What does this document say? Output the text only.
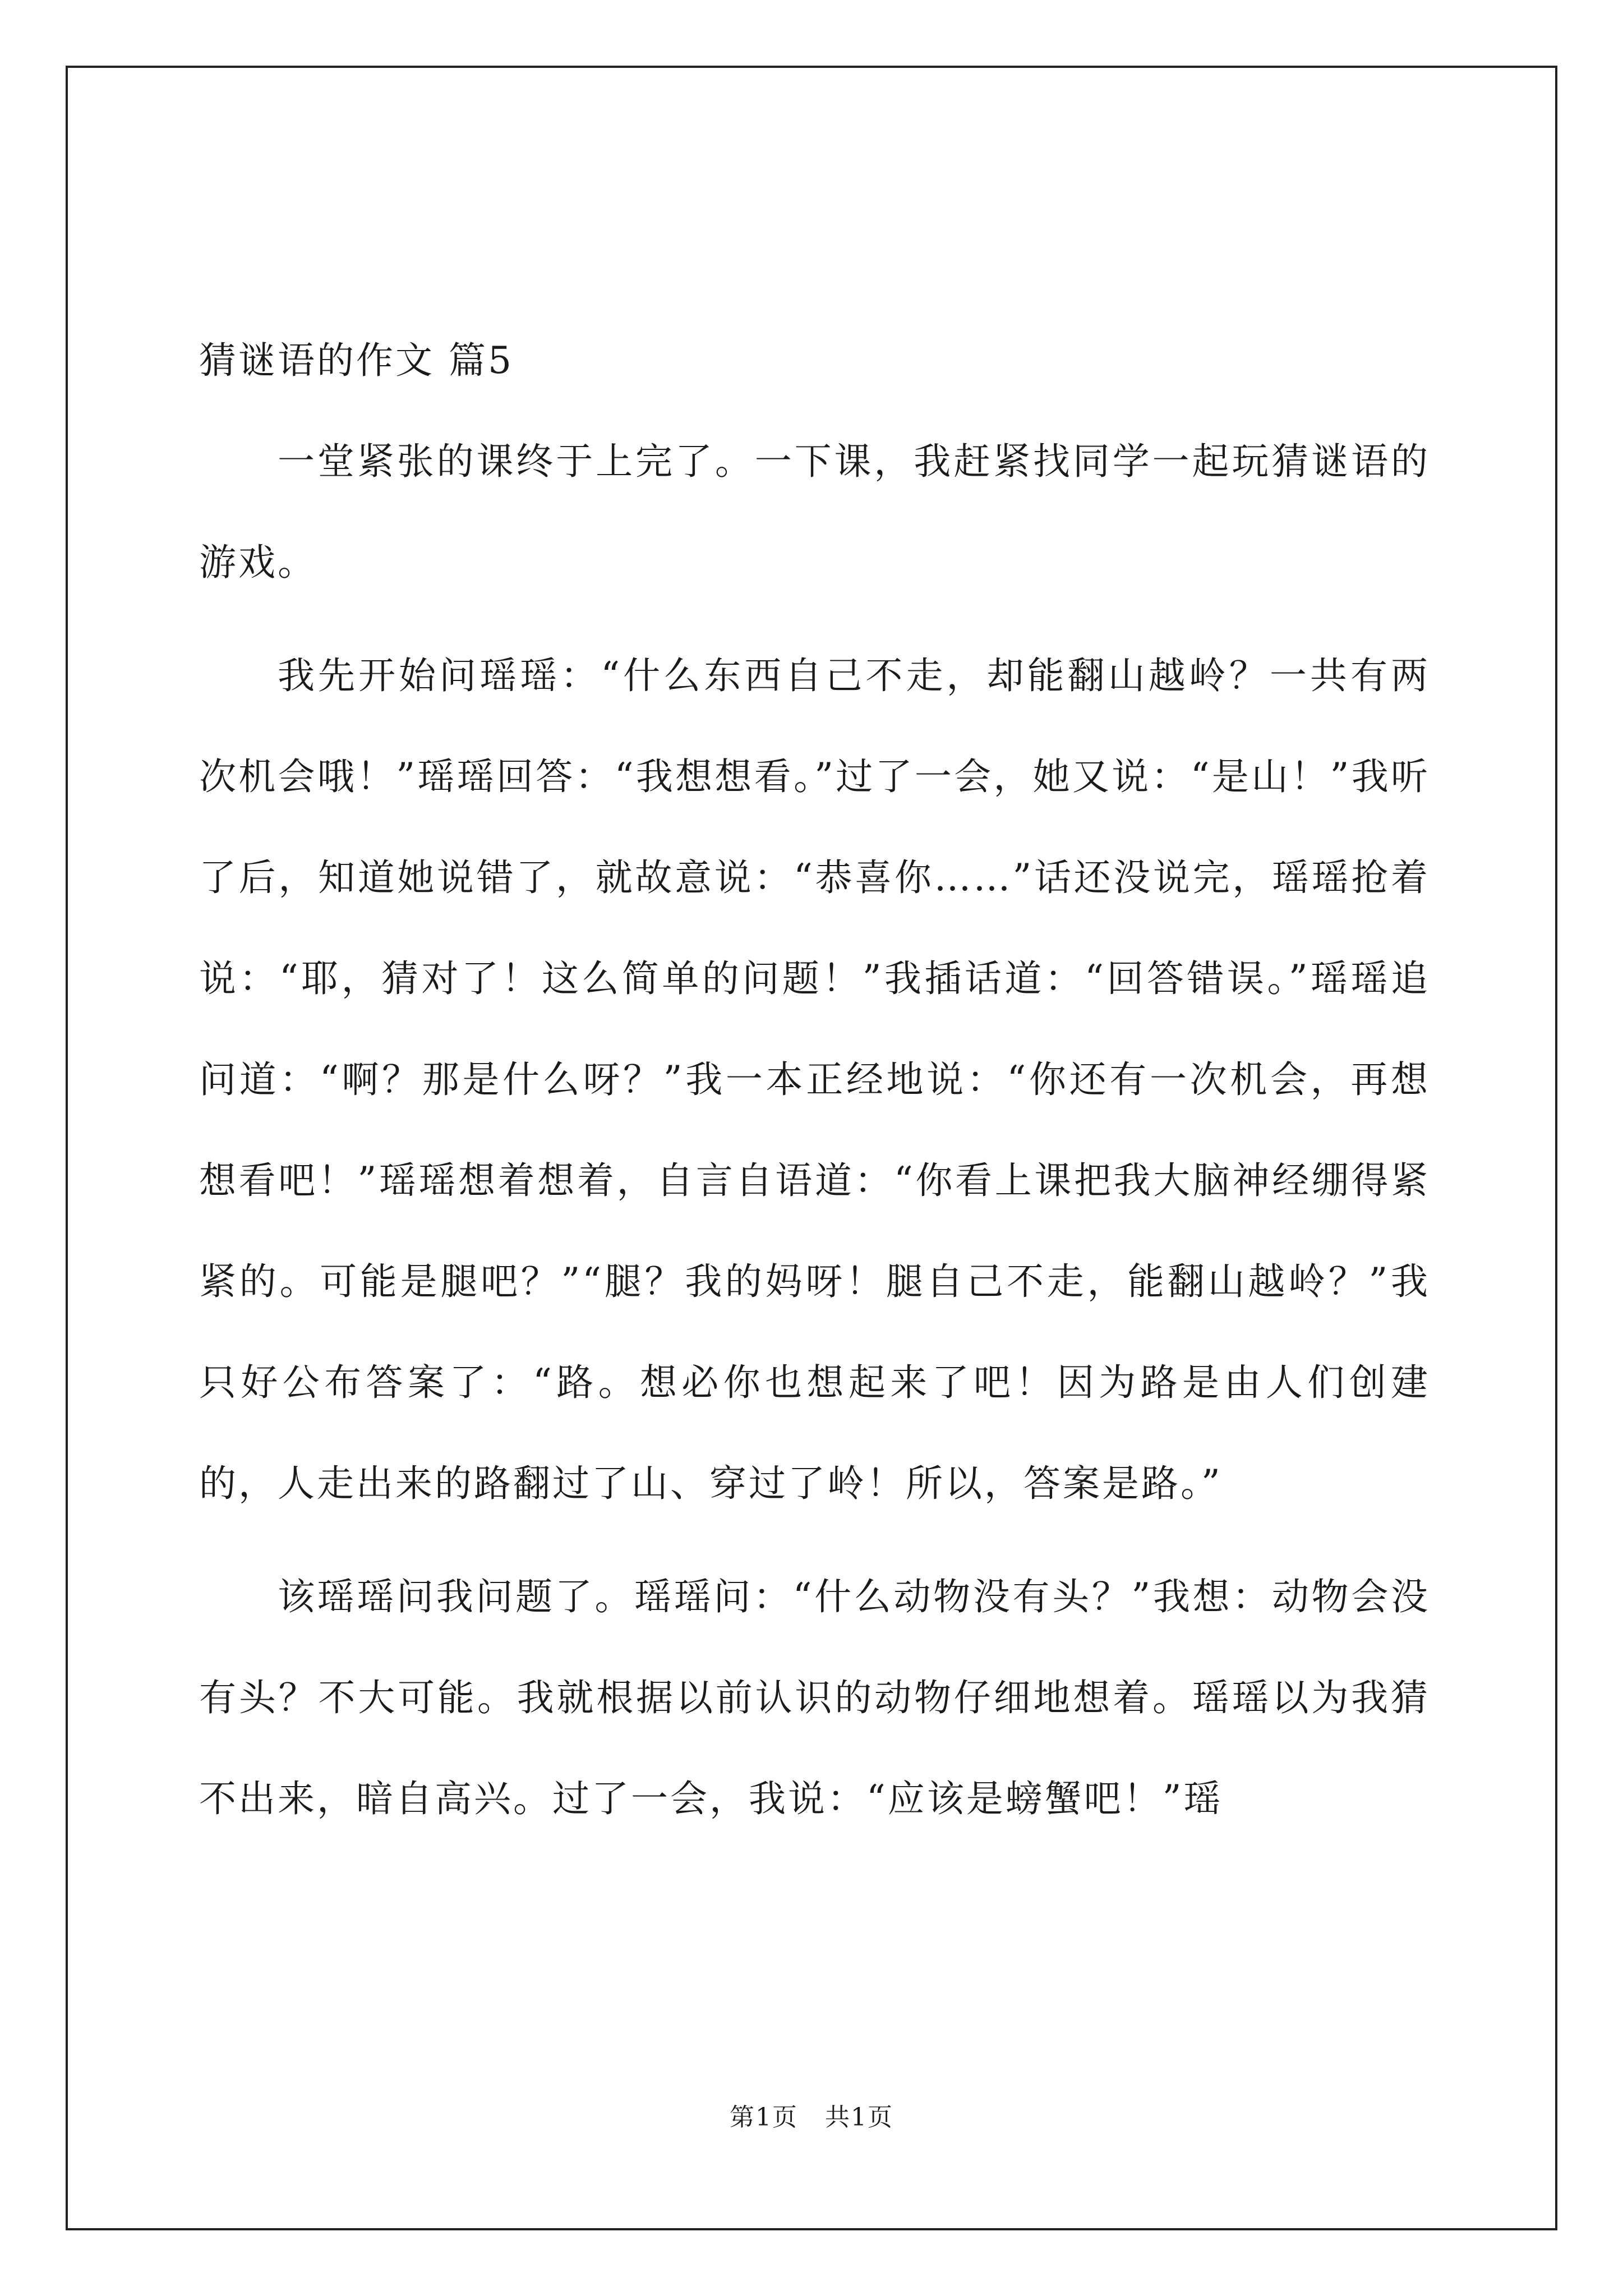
猜谜语的作文 篇5

一堂紧张的课终于上完了。一下课，我赶紧找同学一起玩猜谜语的游戏。

我先开始问瑶瑶：“什么东西自己不走，却能翻山越岭？一共有两次机会哦！”瑶瑶回答：“我想想看。”过了一会，她又说：“是山！”我听了后，知道她说错了，就故意说：“恭喜你……”话还没说完，瑶瑶抢着说：“耶，猜对了！这么简单的问题！”我插话道：“回答错误。”瑶瑶追问道：“啊？那是什么呀？”我一本正经地说：“你还有一次机会，再想想看吧！”瑶瑶想着想着，自言自语道：“你看上课把我大脑神经绷得紧紧的。可能是腿吧？”“腿？我的妈呀！腿自己不走，能翻山越岭？”我只好公布答案了：“路。想必你也想起来了吧！因为路是由人们创建的，人走出来的路翻过了山、穿过了岭！所以，答案是路。”

该瑶瑶问我问题了。瑶瑶问：“什么动物没有头？”我想：动物会没有头？不大可能。我就根据以前认识的动物仔细地想着。瑶瑶以为我猜不出来，暗自高兴。过了一会，我说：“应该是螃蟹吧！”瑶

第1页   共1页
